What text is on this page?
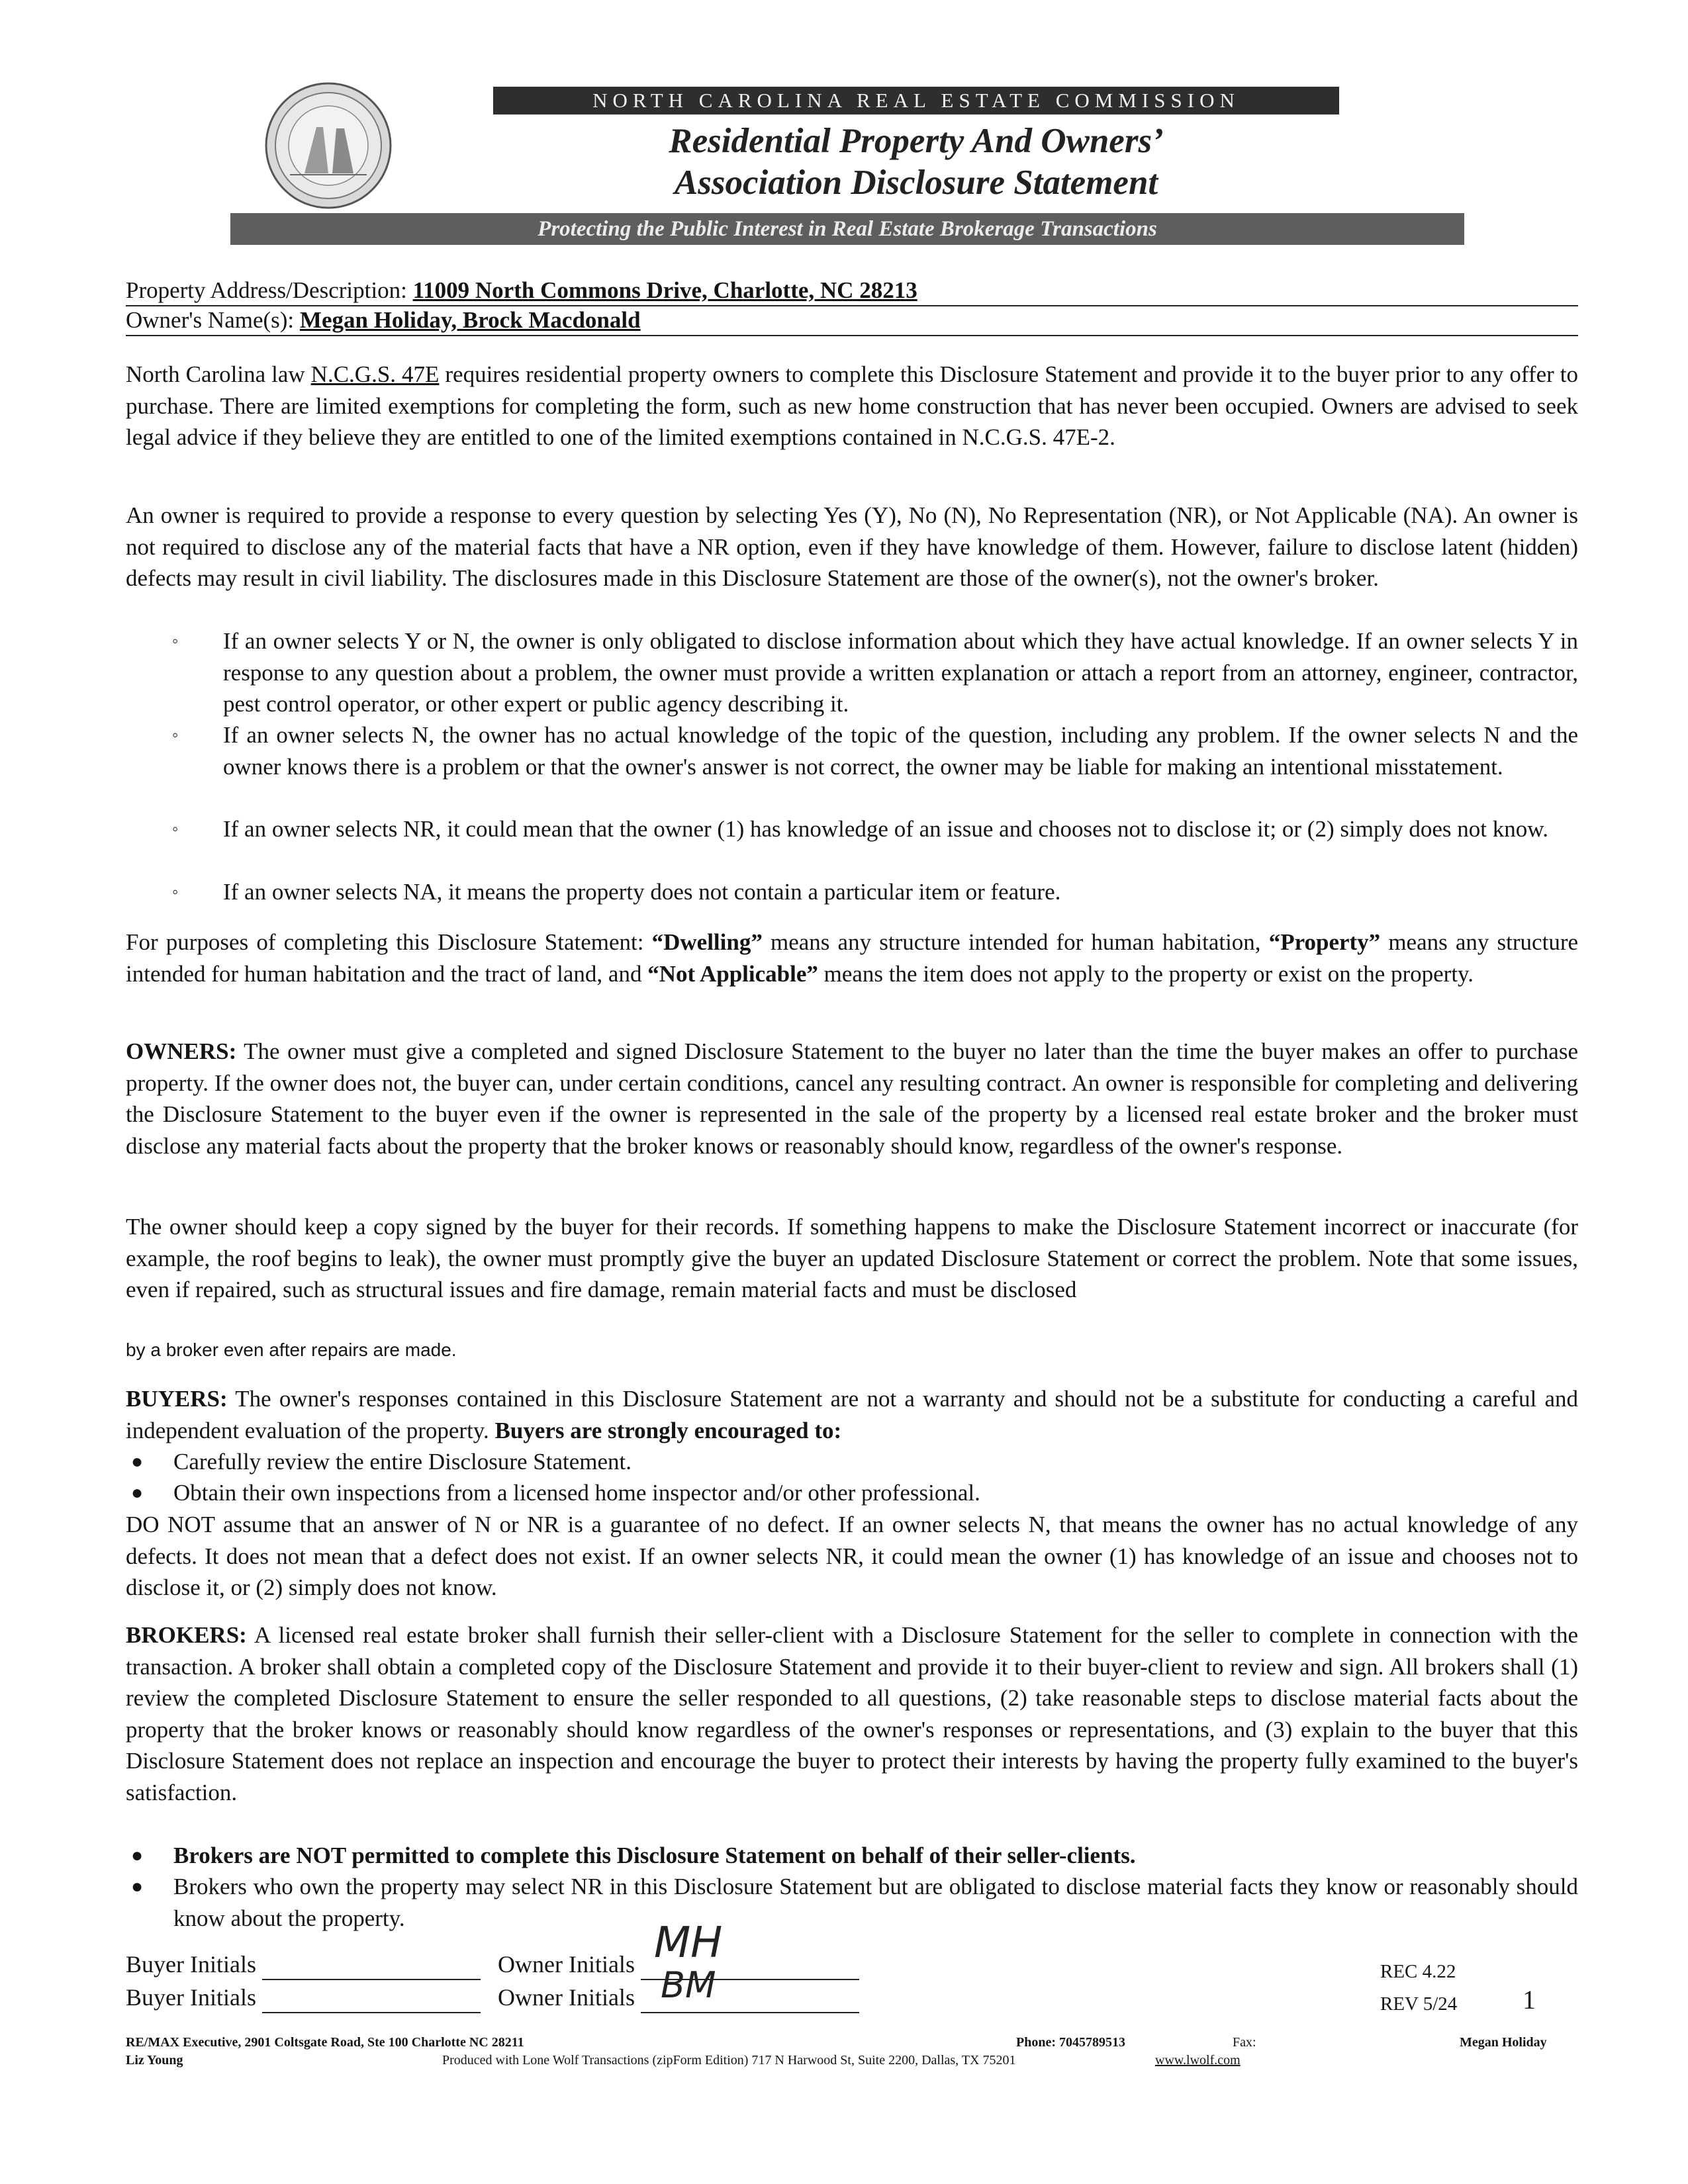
NORTH CAROLINA REAL ESTATE COMMISSION
Residential Property And Owners’
Association Disclosure Statement
Protecting the Public Interest in Real Estate Brokerage Transactions
Property Address/Description: 11009 North Commons Drive, Charlotte, NC 28213
Owner's Name(s): Megan Holiday, Brock Macdonald

North Carolina law N.C.G.S. 47E requires residential property owners to complete this Disclosure Statement and provide it to the buyer prior to any offer to purchase. There are limited exemptions for completing the form, such as new home construction that has never been occupied. Owners are advised to seek legal advice if they believe they are entitled to one of the limited exemptions contained in N.C.G.S. 47E-2.

An owner is required to provide a response to every question by selecting Yes (Y), No (N), No Representation (NR), or Not Applicable (NA). An owner is not required to disclose any of the material facts that have a NR option, even if they have knowledge of them. However, failure to disclose latent (hidden) defects may result in civil liability. The disclosures made in this Disclosure Statement are those of the owner(s), not the owner's broker.

◦ If an owner selects Y or N, the owner is only obligated to disclose information about which they have actual knowledge. If an owner selects Y in response to any question about a problem, the owner must provide a written explanation or attach a report from an attorney, engineer, contractor, pest control operator, or other expert or public agency describing it.
◦ If an owner selects N, the owner has no actual knowledge of the topic of the question, including any problem. If the owner selects N and the owner knows there is a problem or that the owner's answer is not correct, the owner may be liable for making an intentional misstatement.
◦ If an owner selects NR, it could mean that the owner (1) has knowledge of an issue and chooses not to disclose it; or (2) simply does not know.
◦ If an owner selects NA, it means the property does not contain a particular item or feature.

For purposes of completing this Disclosure Statement: “Dwelling” means any structure intended for human habitation, “Property” means any structure intended for human habitation and the tract of land, and “Not Applicable” means the item does not apply to the property or exist on the property.

OWNERS: The owner must give a completed and signed Disclosure Statement to the buyer no later than the time the buyer makes an offer to purchase property. If the owner does not, the buyer can, under certain conditions, cancel any resulting contract. An owner is responsible for completing and delivering the Disclosure Statement to the buyer even if the owner is represented in the sale of the property by a licensed real estate broker and the broker must disclose any material facts about the property that the broker knows or reasonably should know, regardless of the owner's response.

The owner should keep a copy signed by the buyer for their records. If something happens to make the Disclosure Statement incorrect or inaccurate (for example, the roof begins to leak), the owner must promptly give the buyer an updated Disclosure Statement or correct the problem. Note that some issues, even if repaired, such as structural issues and fire damage, remain material facts and must be disclosed

by a broker even after repairs are made.

BUYERS: The owner's responses contained in this Disclosure Statement are not a warranty and should not be a substitute for conducting a careful and independent evaluation of the property. Buyers are strongly encouraged to:

● Carefully review the entire Disclosure Statement.
● Obtain their own inspections from a licensed home inspector and/or other professional.

DO NOT assume that an answer of N or NR is a guarantee of no defect. If an owner selects N, that means the owner has no actual knowledge of any defects. It does not mean that a defect does not exist. If an owner selects NR, it could mean the owner (1) has knowledge of an issue and chooses not to disclose it, or (2) simply does not know.

BROKERS: A licensed real estate broker shall furnish their seller-client with a Disclosure Statement for the seller to complete in connection with the transaction. A broker shall obtain a completed copy of the Disclosure Statement and provide it to their buyer-client to review and sign. All brokers shall (1) review the completed Disclosure Statement to ensure the seller responded to all questions, (2) take reasonable steps to disclose material facts about the property that the broker knows or reasonably should know regardless of the owner's responses or representations, and (3) explain to the buyer that this Disclosure Statement does not replace an inspection and encourage the buyer to protect their interests by having the property fully examined to the buyer's satisfaction.

● Brokers are NOT permitted to complete this Disclosure Statement on behalf of their seller-clients.
● Brokers who own the property may select NR in this Disclosure Statement but are obligated to disclose material facts they know or reasonably should know about the property.
Buyer Initials	Owner Initials MH
Buyer Initials	Owner Initials BM	REC 4.22
REV 5/24 1
RE/MAX Executive, 2901 Coltsgate Road, Ste 100 Charlotte NC 28211
Liz Young
Phone: 7045789513	Fax:
Produced with Lone Wolf Transactions (zipForm Edition) 717 N Harwood St, Suite 2200, Dallas, TX 75201	www.lwolf.com
Megan Holiday
